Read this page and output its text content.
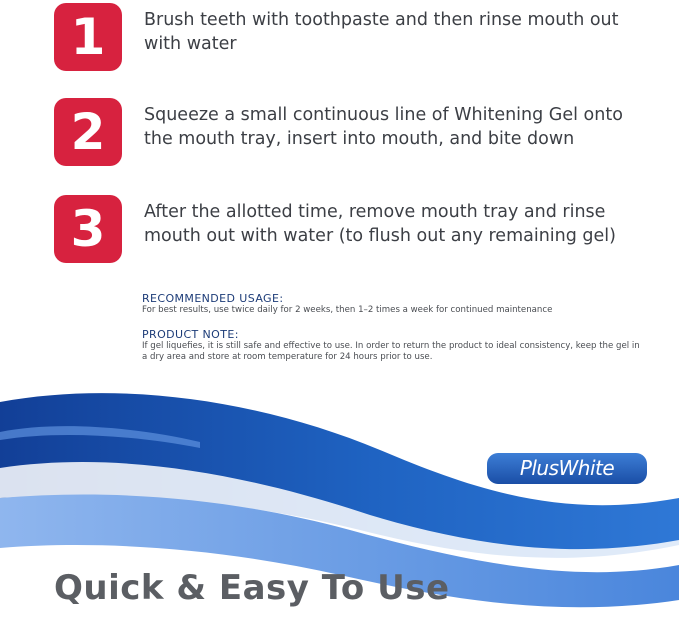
1 Brush teeth with toothpaste and then rinse mouth out with water
2 Squeeze a small continuous line of Whitening Gel onto the mouth tray, insert into mouth, and bite down
3 After the allotted time, remove mouth tray and rinse mouth out with water (to flush out any remaining gel)
RECOMMENDED USAGE:
For best results, use twice daily for 2 weeks, then 1–2 times a week for continued maintenance
PRODUCT NOTE:
If gel liquefies, it is still safe and effective to use. In order to return the product to ideal consistency, keep the gel in a dry area and store at room temperature for 24 hours prior to use.
PlusWhite
Quick & Easy To Use
